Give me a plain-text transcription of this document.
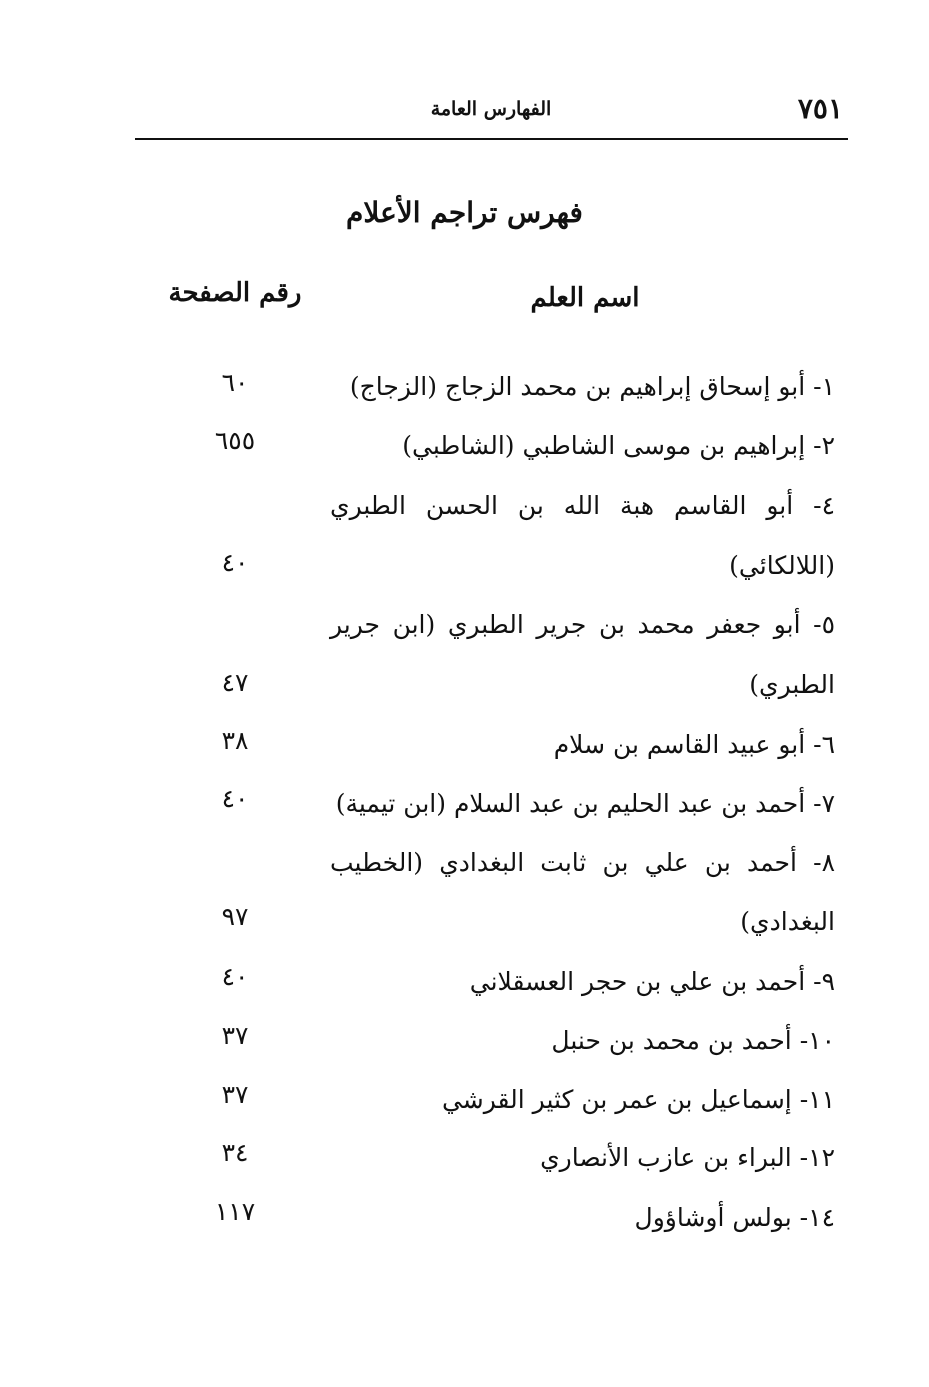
٧٥١
الفهارس العامة
فهرس تراجم الأعلام
اسم العلم
رقم الصفحة
١- أبو إسحاق إبراهيم بن محمد الزجاج (الزجاج)
٦٠
٢- إبراهيم بن موسى الشاطبي (الشاطبي)
٦٥٥
٤- أبو القاسم هبة الله بن الحسن الطبري
(اللالكائي)
٤٠
٥- أبو جعفر محمد بن جرير الطبري (ابن جرير
الطبري)
٤٧
٦- أبو عبيد القاسم بن سلام
٣٨
٧- أحمد بن عبد الحليم بن عبد السلام (ابن تيمية)
٤٠
٨- أحمد بن علي بن ثابت البغدادي (الخطيب
البغدادي)
٩٧
٩- أحمد بن علي بن حجر العسقلاني
٤٠
١٠- أحمد بن محمد بن حنبل
٣٧
١١- إسماعيل بن عمر بن كثير القرشي
٣٧
١٢- البراء بن عازب الأنصاري
٣٤
١٤- بولس أوشاؤول
١١٧
